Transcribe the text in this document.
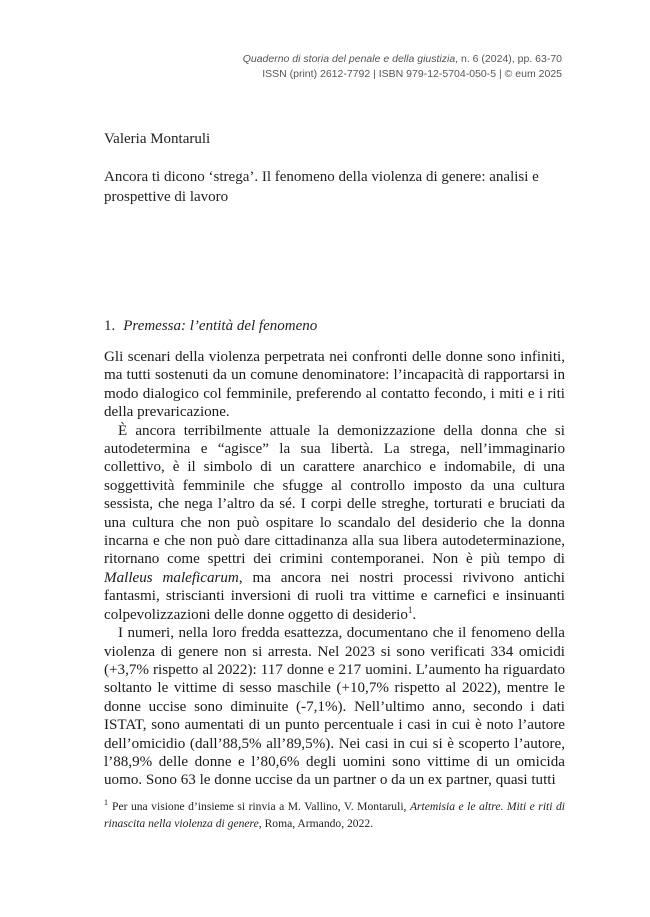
Quaderno di storia del penale e della giustizia, n. 6 (2024), pp. 63-70
ISSN (print) 2612-7792 | ISBN 979-12-5704-050-5 | © eum 2025
Valeria Montaruli
Ancora ti dicono ‘strega’. Il fenomeno della violenza di genere: analisi e prospettive di lavoro
1. Premessa: l’entità del fenomeno

Gli scenari della violenza perpetrata nei confronti delle donne sono infiniti, ma tutti sostenuti da un comune denominatore: l’incapacità di rapportarsi in modo dialogico col femminile, preferendo al contatto fecondo, i miti e i riti della prevaricazione.

È ancora terribilmente attuale la demonizzazione della donna che si autodetermina e “agisce” la sua libertà. La strega, nell’immaginario collettivo, è il simbolo di un carattere anarchico e indomabile, di una soggettività femminile che sfugge al controllo imposto da una cultura sessista, che nega l’altro da sé. I corpi delle streghe, torturati e bruciati da una cultura che non può ospitare lo scandalo del desiderio che la donna incarna e che non può dare cittadinanza alla sua libera autodeterminazione, ritornano come spettri dei crimini contemporanei. Non è più tempo di Malleus maleficarum, ma ancora nei nostri processi rivivono antichi fantasmi, striscianti inversioni di ruoli tra vittime e carnefici e insinuanti colpevolizzazioni delle donne oggetto di desiderio$^1$.

I numeri, nella loro fredda esattezza, documentano che il fenomeno della violenza di genere non si arresta. Nel 2023 si sono verificati 334 omicidi (+3,7% rispetto al 2022): 117 donne e 217 uomini. L’aumento ha riguardato soltanto le vittime di sesso maschile (+10,7% rispetto al 2022), mentre le donne uccise sono diminuite (-7,1%). Nell’ultimo anno, secondo i dati ISTAT, sono aumentati di un punto percentuale i casi in cui è noto l’autore dell’omicidio (dall’88,5% all’89,5%). Nei casi in cui si è scoperto l’autore, l’88,9% delle donne e l’80,6% degli uomini sono vittime di un omicida uomo. Sono 63 le donne uccise da un partner o da un ex partner, quasi tutti

$^1$ Per una visione d’insieme si rinvia a M. Vallino, V. Montaruli, Artemisia e le altre. Miti e riti di rinascita nella violenza di genere, Roma, Armando, 2022.
